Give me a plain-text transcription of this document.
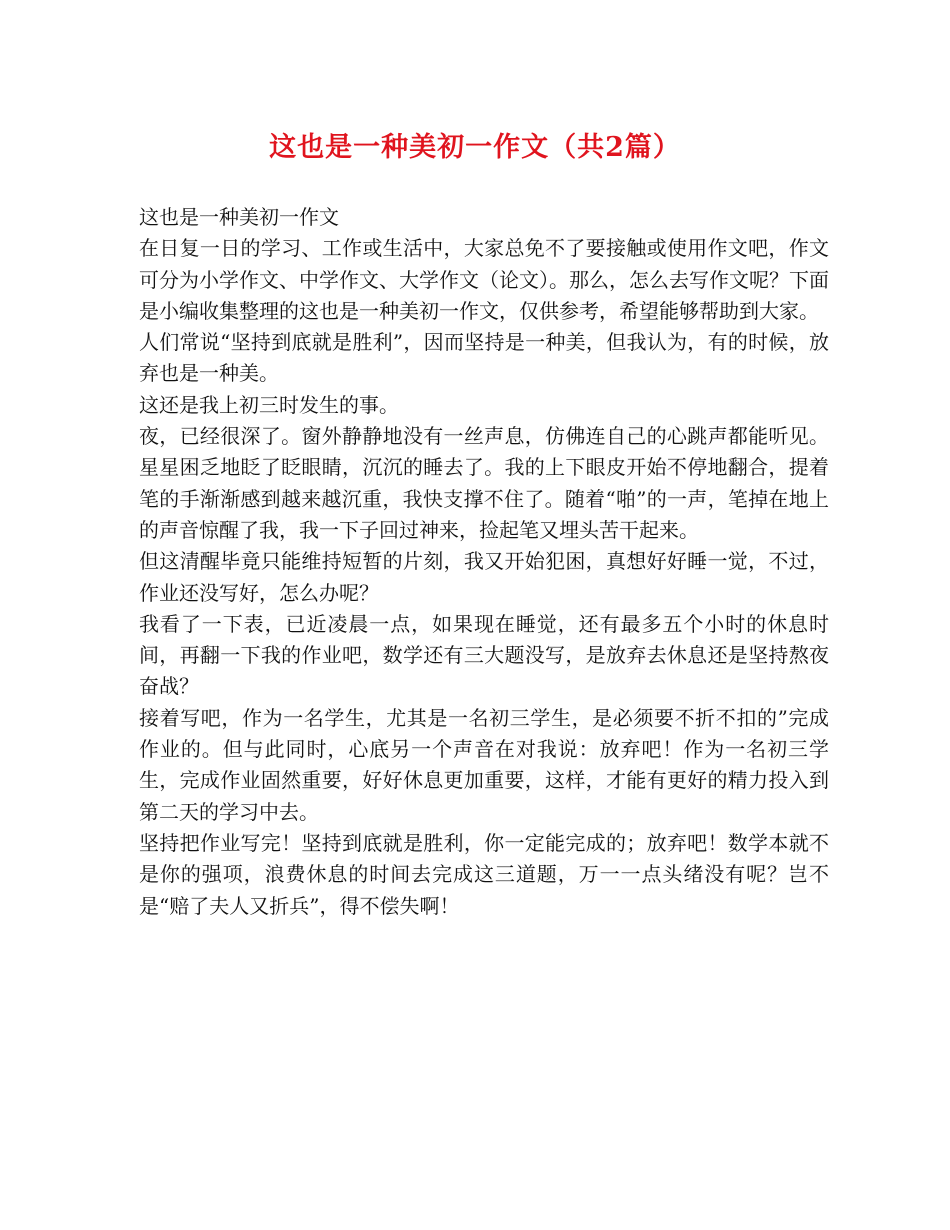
这也是一种美初一作文（共2篇）

这也是一种美初一作文

在日复一日的学习、工作或生活中，大家总免不了要接触或使用作文吧，作文可分为小学作文、中学作文、大学作文（论文）。那么，怎么去写作文呢？下面是小编收集整理的这也是一种美初一作文，仅供参考，希望能够帮助到大家。

人们常说“坚持到底就是胜利”，因而坚持是一种美，但我认为，有的时候，放弃也是一种美。

这还是我上初三时发生的事。

夜，已经很深了。窗外静静地没有一丝声息，仿佛连自己的心跳声都能听见。星星困乏地眨了眨眼睛，沉沉的睡去了。我的上下眼皮开始不停地翻合，提着笔的手渐渐感到越来越沉重，我快支撑不住了。随着“啪”的一声，笔掉在地上的声音惊醒了我，我一下子回过神来，捡起笔又埋头苦干起来。

但这清醒毕竟只能维持短暂的片刻，我又开始犯困，真想好好睡一觉，不过，作业还没写好，怎么办呢？

我看了一下表，已近凌晨一点，如果现在睡觉，还有最多五个小时的休息时间，再翻一下我的作业吧，数学还有三大题没写，是放弃去休息还是坚持熬夜奋战？

接着写吧，作为一名学生，尤其是一名初三学生，是必须要不折不扣的”完成作业的。但与此同时，心底另一个声音在对我说：放弃吧！作为一名初三学生，完成作业固然重要，好好休息更加重要，这样，才能有更好的精力投入到第二天的学习中去。

坚持把作业写完！坚持到底就是胜利，你一定能完成的；放弃吧！数学本就不是你的强项，浪费休息的时间去完成这三道题，万一一点头绪没有呢？岂不是“赔了夫人又折兵”，得不偿失啊！
